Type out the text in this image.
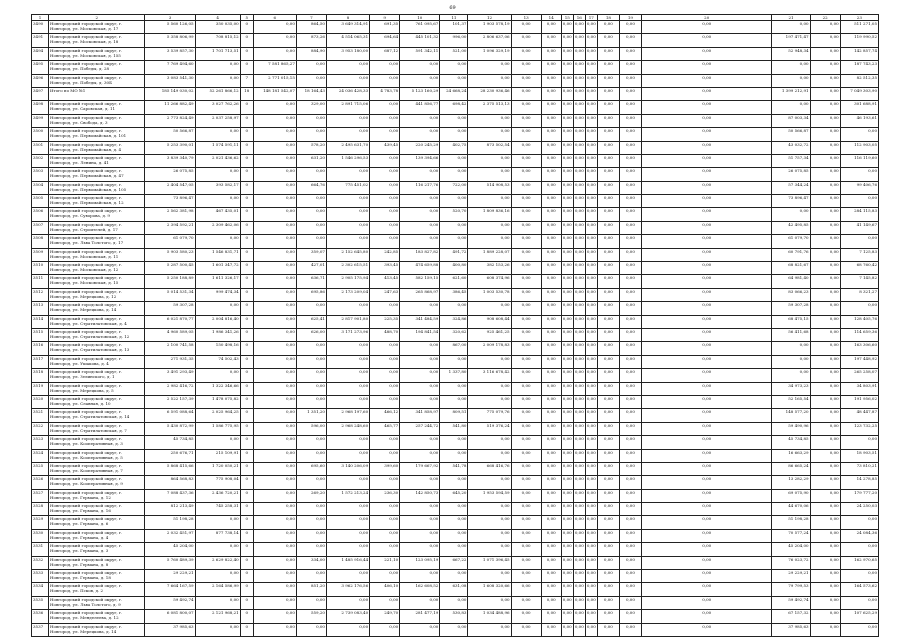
69
1	2	3	4	5	6	7	8	9	10	11	12	13	14	15	16	17	18	19	20	21	22	23
3490	Новгородский городской округ, г. Новгород, ул. Московская, д. 17	5 560 126,05	350 035,00	0	0,00	864,50	3 649 314,91	691,35	761 095,67	101,37	1 903 578,19	0,00	0,00	0,00	0,00	0,00	0,00	0,00	0,00	0,00	0,00	511 271,05
3491	Новгородский городской округ, г. Новгород, ул. Московская, д. 18	5 358 806,99	708 815,12	0	0,00	873,26	4 514 065,31	694,64	445 101,32	996,00	2 806 637,06	0,00	0,00	0,00	0,00	0,00	0,00	0,00	0,00	197 471,47	0,00	119 990,52
3494	Новгородский городской округ, г. Новгород, ул. Московская, д. 155	3 539 857,30	1 701 713,51	0	0,00	884,90	3 953 180,00	687,12	591 342,11	521,00	1 096 329,19	0,00	0,00	0,00	0,00	0,00	0,00	0,00	0,00	52 948,34	0,00	142 857,74
3495	Новгородский городской округ, г. Новгород, ул. Победы, д. 28	7 769 494,60	0,00	0	7 581 865,27	0,00	0,00	0,00	0,00	0,00	0,00	0,00	0,00	0,00	0,00	0,00	0,00	0,00	0,00	0,00	0,00	187 743,23
3496	Новгородский городской округ, г. Новгород, ул. Победы, д. 30Б	3 083 541,30	0,00	7	2 771 015,15	0,00	0,00	0,00	0,00	0,00	0,00	0,00	0,00	0,00	0,00	0,00	0,00	0,00	0,00	0,00	0,00	82 512,35
3497	Итого по МО №1	185 149 030,02	52 261 866,12	18	148 181 542,07	18 164,43	24 036 428,33	4 783,78	5 123 160,29	24 668,24	28 230 936,46	0,00	0,00	0,00	0,00	0,00	0,00	0,00	0,00	1 399 212,91	0,00	7 049 303,90
3498	Новгородский городской округ, г. Новгород, ул. Саровская, д. 11	11 266 882,49	3 027 762,26	0	0,00	329,00	2 891 715,06	0,00	441 856,77	698,42	2 375 513,13	0,00	0,00	0,00	0,00	0,00	0,00	0,00	0,00	0,00	0,00	301 688,91
3499	Новгородский городской округ, г. Новгород, ул. Свобода, д. 3	2 773 824,49	2 037 258,97	0	0,00	0,00	0,00	0,00	0,00	0,00	0,00	0,00	0,00	0,00	0,00	0,00	0,00	0,00	0,00	87 003,34	0,00	46 193,61
3500	Новгородский городской округ, г. Новгород, ул. Первомайская, д. 101	50 566,87	0,00	0	0,00	0,00	0,00	0,00	0,00	0,00	0,00	0,00	0,00	0,00	0,00	0,00	0,00	0,00	0,00	50 566,87	0,00	0,00
3501	Новгородский городской округ, г. Новгород, ул. Первомайская, д. 4	5 253 390,01	1 574 591,11	0	0,00	578,20	2 495 631,70	439,45	220 245,29	402,75	873 502,54	0,00	0,00	0,00	0,00	0,00	0,00	0,00	0,00	43 032,72	0,00	112 903,05
3502	Новгородский городской округ, г. Новгород, ул. Ленина, д. 41	3 839 340,79	2 021 436,62	0	0,00	631,20	1 546 296,53	0,00	139 394,66	0,00	0,00	0,00	0,00	0,00	0,00	0,00	0,00	0,00	0,00	51 757,34	0,00	116 119,60
3503	Новгородский городской округ, г. Новгород, ул. Первомайская, д. 47	26 075,85	0,00	0	0,00	0,00	0,00	0,00	0,00	0,00	0,00	0,00	0,00	0,00	0,00	0,00	0,00	0,00	0,00	26 075,85	0,00	0,00
3504	Новгородский городской округ, г. Новгород, ул. Первомайская, д. 105	2 404 547,05	393 582,17	0	0,00	664,76	775 451,02	0,00	116 217,76	722,00	514 908,53	0,00	0,00	0,00	0,00	0,00	0,00	0,00	0,00	57 344,24	0,00	99 406,76
3505	Новгородский городской округ, г. Новгород, ул. Первомайская, д. 12	73 896,47	0,00	0	0,00	0,00	0,00	0,00	0,00	0,00	0,00	0,00	0,00	0,00	0,00	0,00	0,00	0,00	0,00	73 896,47	0,00	0,00
3506	Новгородский городской округ, г. Новгород, ул. Суворова, д. 9	2 562 381,98	467 435,01	0	0,00	0,00	0,00	0,00	0,00	520,70	1 809 836,16	0,00	0,00	0,00	0,00	0,00	0,00	0,00	0,00	0,00	0,00	284 115,83
3507	Новгородский городской округ, г. Новгород, ул. Строителей, д. 17	2 394 592,21	2 309 462,06	0	0,00	0,00	0,00	0,00	0,00	0,00	0,00	0,00	0,00	0,00	0,00	0,00	0,00	0,00	0,00	42 495,85	0,00	41 149,67
3508	Новгородский городской округ, г. Новгород, ул. Льва Толстого, д. 17	61 079,70	0,00	0	0,00	0,00	0,00	0,00	0,00	0,00	0,00	0,00	0,00	0,00	0,00	0,00	0,00	0,00	0,00	61 079,70	0,00	0,00
3509	Новгородский городской округ, г. Новгород, ул. Московская, д. 11	5 903 580,23	1 546 831,71	0	0,00	359,07	2 152 645,80	242,85	183 827,82	491,72	1 889 228,07	0,00	0,00	0,00	0,00	0,00	0,00	0,00	0,00	60 791,76	0,00	7 125,83
3510	Новгородский городской округ, г. Новгород, ул. Московская, д. 12	5 287 500,45	1 601 347,72	0	0,00	427,01	2 302 615,51	393,45	474 659,88	400,80	382 153,26	0,00	0,00	0,00	0,00	0,00	0,00	0,00	0,00	68 821,67	0,00	68 760,42
3511	Новгородский городской округ, г. Новгород, ул. Московская, д. 15	5 250 188,89	1 611 326,17	0	0,00	636,71	2 905 175,94	413,45	582 159,15	621,60	608 374,96	0,00	0,00	0,00	0,00	0,00	0,00	0,00	0,00	64 981,40	0,00	7 145,82
3512	Новгородский городской округ, г. Новгород, ул. Мерецкова, д. 12	5 014 531,34	999 474,34	0	0,00	695,86	2 173 209,04	247,63	265 868,97	386,45	1 003 530,78	0,00	0,00	0,00	0,00	0,00	0,00	0,00	0,00	83 066,23	0,00	8 321,27
3513	Новгородский городской округ, г. Новгород, ул. Мерецкова, д. 14	59 307,28	0,00	0	0,00	0,00	0,00	0,00	0,00	0,00	0,00	0,00	0,00	0,00	0,00	0,00	0,00	0,00	0,00	59 307,28	0,00	0,00
3514	Новгородский городской округ, г. Новгород, ул. Стратилатовская, д. 4	6 021 870,77	2 004 816,40	0	0,00	625,41	2 817 901,80	225,35	341 484,59	324,86	908 608,44	0,00	0,00	0,00	0,00	0,00	0,00	0,00	0,00	68 475,15	0,00	128 405,76
3515	Новгородский городской округ, г. Новгород, ул. Стратилатовская, д. 12	4 960 589,05	1 986 341,26	0	0,00	626,00	3 171 273,96	488,70	194 841,54	320,62	925 461,25	0,00	0,00	0,00	0,00	0,00	0,00	0,00	0,00	56 411,68	0,00	114 659,36
3516	Новгородский городской округ, г. Новгород, ул. Стратилатовская, д. 13	2 100 741,58	150 498,16	0	0,00	0,00	0,00	0,00	0,00	867,00	2 009 178,83	0,00	0,00	0,00	0,00	0,00	0,00	0,00	0,00	0,00	0,00	163 306,60
3517	Новгородский городской округ, г. Новгород, ул. Ушакова, д. 4	271 931,35	74 502,43	0	0,00	0,00	0,00	0,00	0,00	0,00	0,00	0,00	0,00	0,00	0,00	0,00	0,00	0,00	0,00	0,00	0,00	197 448,92
3518	Новгородский городской округ, г. Новгород, ул. Зелинского, д. 1	3 491 293,49	0,00	0	0,00	0,00	0,00	0,00	0,00	1 337,80	3 116 678,42	0,00	0,00	0,00	0,00	0,00	0,00	0,00	0,00	0,00	0,00	265 258,07
3519	Новгородский городской округ, г. Новгород, ул. Мерецкова, д. 5	2 982 416,72	1 322 346,66	0	0,00	0,00	0,00	0,00	0,00	0,00	0,00	0,00	0,00	0,00	0,00	0,00	0,00	0,00	0,00	34 973,23	0,00	34 803,91
3520	Новгородский городской округ, г. Новгород, ул. Славная, д. 10	2 522 157,39	1 478 075,82	0	0,00	0,00	0,00	0,00	0,00	0,00	0,00	0,00	0,00	0,00	0,00	0,00	0,00	0,00	0,00	52 165,54	0,00	191 956,02
3521	Новгородский городской округ, г. Новгород, ул. Стратилатовская, д. 14	6 591 088,64	2 025 964,25	0	0,00	1 351,20	2 968 197,60	466,12	341 858,97	809,51	775 079,76	0,00	0,00	0,00	0,00	0,00	0,00	0,00	0,00	148 577,20	0,00	48 447,87
3522	Новгородский городской округ, г. Новгород, ул. Стратилатовская, д. 7	5 430 872,99	1 586 775,95	0	0,00	596,00	2 968 248,60	465,77	257 244,72	541,80	519 376,24	0,00	0,00	0,00	0,00	0,00	0,00	0,00	0,00	59 490,96	0,00	123 732,25
3523	Новгородский городской округ, г. Новгород, ул. Кооперативная, д. 3	45 734,85	0,00	0	0,00	0,00	0,00	0,00	0,00	0,00	0,00	0,00	0,00	0,00	0,00	0,00	0,00	0,00	0,00	45 734,85	0,00	0,00
3524	Новгородский городской округ, г. Новгород, ул. Кооперативная, д. 5	250 676,71	215 109,91	0	0,00	0,00	0,00	0,00	0,00	0,00	0,00	0,00	0,00	0,00	0,00	0,00	0,00	0,00	0,00	16 663,29	0,00	18 903,51
3525	Новгородский городской округ, г. Новгород, ул. Кооперативная, д. 7	5 868 415,66	1 720 050,21	0	0,00	695,60	3 140 206,09	399,60	179 667,92	541,78	668 416,76	0,00	0,00	0,00	0,00	0,00	0,00	0,00	0,00	86 665,24	0,00	73 810,21
3526	Новгородский городской округ, г. Новгород, ул. Кооперативная, д. 9	864 568,83	775 908,04	0	0,00	0,00	0,00	0,00	0,00	0,00	0,00	0,00	0,00	0,00	0,00	0,00	0,00	0,00	0,00	13 282,29	0,00	14 278,85
3527	Новгородский городской округ, г. Новгород, ул. Германа, д. 12	7 088 437,36	2 436 720,21	0	0,00	269,20	1 572 213,24	236,30	142 850,73	645,20	1 953 594,59	0,00	0,00	0,00	0,00	0,00	0,00	0,00	0,00	69 075,90	0,00	179 777,20
3528	Новгородский городской округ, г. Новгород, ул. Германа, д. 16	812 213,49	745 258,31	0	0,00	0,00	0,00	0,00	0,00	0,00	0,00	0,00	0,00	0,00	0,00	0,00	0,00	0,00	0,00	44 670,06	0,00	24 250,03
3529	Новгородский городской округ, г. Новгород, ул. Германа, д. 6	51 198,28	0,00	0	0,00	0,00	0,00	0,00	0,00	0,00	0,00	0,00	0,00	0,00	0,00	0,00	0,00	0,00	0,00	51 198,28	0,00	0,00
3530	Новгородский городской округ, г. Новгород, ул. Германа, д. 4	2 032 451,97	877 738,14	0	0,00	0,00	0,00	0,00	0,00	0,00	0,00	0,00	0,00	0,00	0,00	0,00	0,00	0,00	0,00	70 577,24	0,00	24 084,36
3531	Новгородский городской округ, г. Новгород, ул. Германа, д. 3	45 204,00	0,00	0	0,00	0,00	0,00	0,00	0,00	0,00	0,00	0,00	0,00	0,00	0,00	0,00	0,00	0,00	0,00	45 204,00	0,00	0,00
3532	Новгородский городской округ, г. Новгород, ул. Германа, д. 8	5 760 489,39	2 629 822,40	0	0,00	334,00	1 485 916,44	221,10	123 095,19	667,22	1 071 396,45	0,00	0,00	0,00	0,00	0,00	0,00	0,00	0,00	76 023,72	0,00	162 970,65
3533	Новгородский городской округ, г. Новгород, ул. Германа, д. 18	29 229,21	0,00	0	0,00	0,00	0,00	0,00	0,00	0,00	0,00	0,00	0,00	0,00	0,00	0,00	0,00	0,00	0,00	29 229,21	0,00	0,00
3534	Новгородский городской округ, г. Новгород, ул. Псков, д. 2	7 664 167,59	2 164 586,99	0	0,00	851,20	3 962 176,56	406,10	162 608,52	631,08	1 608 320,66	0,00	0,00	0,00	0,00	0,00	0,00	0,00	0,00	79 799,53	0,00	164 573,62
3535	Новгородский городской округ, г. Новгород, ул. Льва Толстого, д. 9	59 492,74	0,00	0	0,00	0,00	0,00	0,00	0,00	0,00	0,00	0,00	0,00	0,00	0,00	0,00	0,00	0,00	0,00	59 492,74	0,00	0,00
3536	Новгородский городской округ, г. Новгород, ул. Менделеева, д. 12	6 081 800,07	2 121 968,21	0	0,00	559,20	2 739 083,40	249,70	281 477,19	530,83	1 034 488,96	0,00	0,00	0,00	0,00	0,00	0,00	0,00	0,00	67 157,32	0,00	107 625,29
3537	Новгородский городской округ, г. Новгород, ул. Мерецкова, д. 14	37 985,63	0,00	0	0,00	0,00	0,00	0,00	0,00	0,00	0,00	0,00	0,00	0,00	0,00	0,00	0,00	0,00	0,00	37 985,63	0,00	0,00
